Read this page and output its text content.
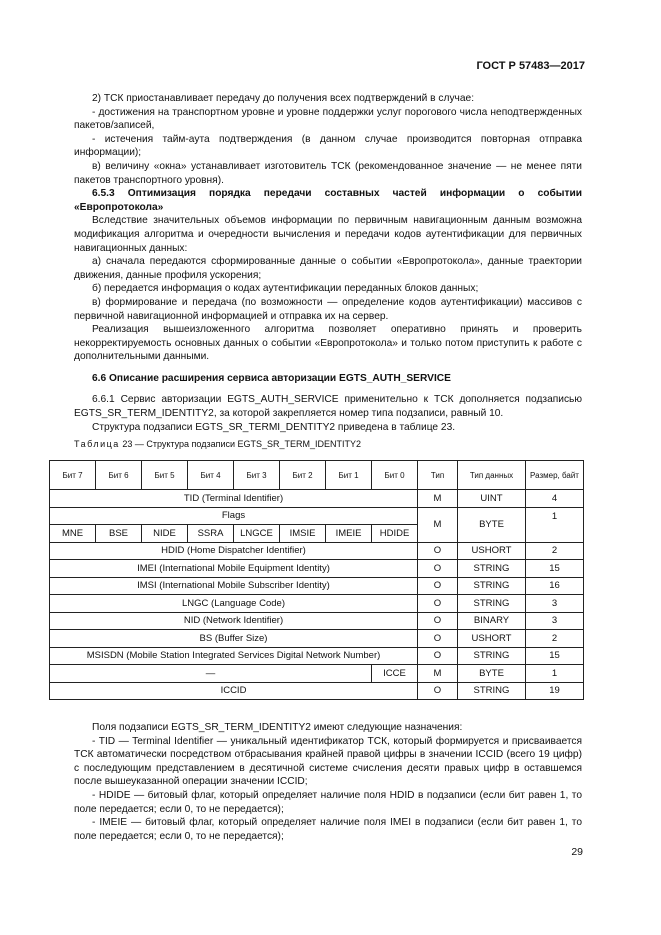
ГОСТ Р 57483—2017

2) ТСК приостанавливает передачу до получения всех подтверждений в случае:

- достижения на транспортном уровне и уровне поддержки услуг порогового числа неподтвержденных пакетов/записей,

- истечения тайм-аута подтверждения (в данном случае производится повторная отправка информации);

в) величину «окна» устанавливает изготовитель ТСК (рекомендованное значение — не менее пяти пакетов транспортного уровня).

6.5.3 Оптимизация порядка передачи составных частей информации о событии «Европротокола»

Вследствие значительных объемов информации по первичным навигационным данным возможна модификация алгоритма и очередности вычисления и передачи кодов аутентификации для первичных навигационных данных:

а) сначала передаются сформированные данные о событии «Европротокола», данные траектории движения, данные профиля ускорения;

б) передается информация о кодах аутентификации переданных блоков данных;

в) формирование и передача (по возможности — определение кодов аутентификации) массивов с первичной навигационной информацией и отправка их на сервер.

Реализация вышеизложенного алгоритма позволяет оперативно принять и проверить некорректируемость основных данных о событии «Европротокола» и только потом приступить к работе с дополнительными данными.

6.6 Описание расширения сервиса авторизации EGTS_AUTH_SERVICE

6.6.1 Сервис авторизации EGTS_AUTH_SERVICE применительно к ТСК дополняется подзаписью EGTS_SR_TERM_IDENTITY2, за которой закрепляется номер типа подзаписи, равный 10.

Структура подзаписи EGTS_SR_TERMI_DENTITY2 приведена в таблице 23.

Таблица 23 — Структура подзаписи EGTS_SR_TERM_IDENTITY2
Бит 7	Бит 6	Бит 5	Бит 4	Бит 3	Бит 2	Бит 1	Бит 0	Тип	Тип данных	Размер, байт
TID (Terminal Identifier)								M	UINT	4
Flags								M	BYTE	1
MNE	BSE	NIDE	SSRA	LNGCE	IMSIE	IMEIE	HDIDE			
HDID (Home Dispatcher Identifier)								O	USHORT	2
IMEI (International Mobile Equipment Identity)								O	STRING	15
IMSI (International Mobile Subscriber Identity)								O	STRING	16
LNGC (Language Code)								O	STRING	3
NID (Network Identifier)								O	BINARY	3
BS (Buffer Size)								O	USHORT	2
MSISDN (Mobile Station Integrated Services Digital Network Number)								O	STRING	15
—							ICCE	M	BYTE	1
ICCID								O	STRING	19

Поля подзаписи EGTS_SR_TERM_IDENTITY2 имеют следующие назначения:

- TID — Terminal Identifier — уникальный идентификатор ТСК, который формируется и присваивается ТСК автоматически посредством отбрасывания крайней правой цифры в значении ICCID (всего 19 цифр) с последующим представлением в десятичной системе счисления десяти правых цифр в оставшемся после вышеуказанной операции значении ICCID;

- HDIDE — битовый флаг, который определяет наличие поля HDID в подзаписи (если бит равен 1, то поле передается; если 0, то не передается);

- IMEIE — битовый флаг, который определяет наличие поля IMEI в подзаписи (если бит равен 1, то поле передается; если 0, то не передается);

29
